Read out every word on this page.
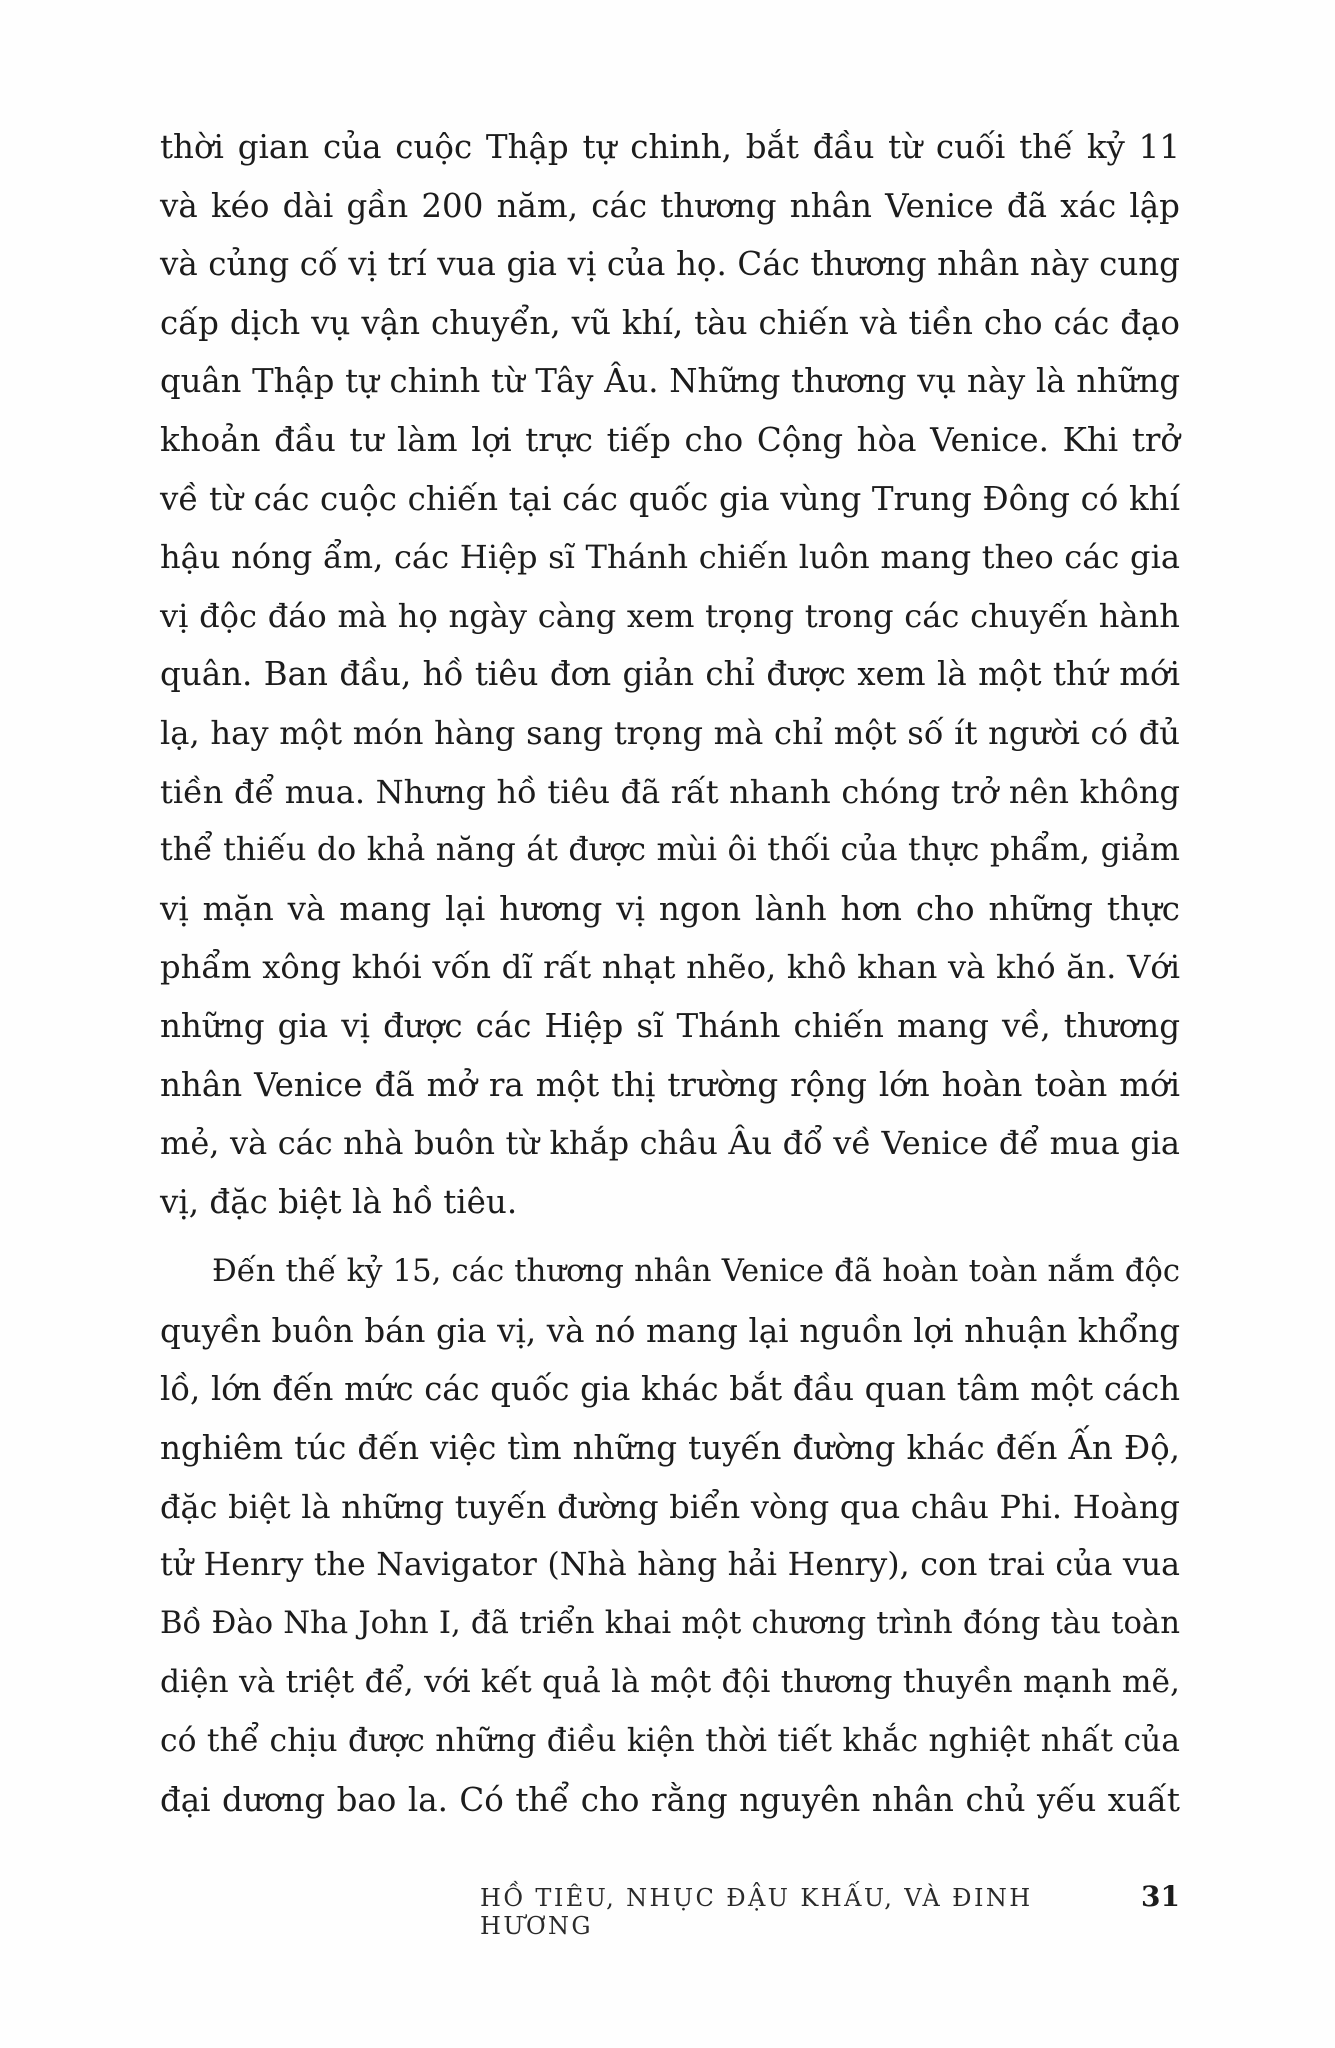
thời gian của cuộc Thập tự chinh, bắt đầu từ cuối thế kỷ 11
và kéo dài gần 200 năm, các thương nhân Venice đã xác lập
và củng cố vị trí vua gia vị của họ. Các thương nhân này cung
cấp dịch vụ vận chuyển, vũ khí, tàu chiến và tiền cho các đạo
quân Thập tự chinh từ Tây Âu. Những thương vụ này là những
khoản đầu tư làm lợi trực tiếp cho Cộng hòa Venice. Khi trở
về từ các cuộc chiến tại các quốc gia vùng Trung Đông có khí
hậu nóng ẩm, các Hiệp sĩ Thánh chiến luôn mang theo các gia
vị độc đáo mà họ ngày càng xem trọng trong các chuyến hành
quân. Ban đầu, hồ tiêu đơn giản chỉ được xem là một thứ mới
lạ, hay một món hàng sang trọng mà chỉ một số ít người có đủ
tiền để mua. Nhưng hồ tiêu đã rất nhanh chóng trở nên không
thể thiếu do khả năng át được mùi ôi thối của thực phẩm, giảm
vị mặn và mang lại hương vị ngon lành hơn cho những thực
phẩm xông khói vốn dĩ rất nhạt nhẽo, khô khan và khó ăn. Với
những gia vị được các Hiệp sĩ Thánh chiến mang về, thương
nhân Venice đã mở ra một thị trường rộng lớn hoàn toàn mới
mẻ, và các nhà buôn từ khắp châu Âu đổ về Venice để mua gia
vị, đặc biệt là hồ tiêu.

Đến thế kỷ 15, các thương nhân Venice đã hoàn toàn nắm độc
quyền buôn bán gia vị, và nó mang lại nguồn lợi nhuận khổng
lồ, lớn đến mức các quốc gia khác bắt đầu quan tâm một cách
nghiêm túc đến việc tìm những tuyến đường khác đến Ấn Độ,
đặc biệt là những tuyến đường biển vòng qua châu Phi. Hoàng
tử Henry the Navigator (Nhà hàng hải Henry), con trai của vua
Bồ Đào Nha John I, đã triển khai một chương trình đóng tàu toàn
diện và triệt để, với kết quả là một đội thương thuyền mạnh mẽ,
có thể chịu được những điều kiện thời tiết khắc nghiệt nhất của
đại dương bao la. Có thể cho rằng nguyên nhân chủ yếu xuất

HỒ TIÊU, NHỤC ĐẬU KHẤU, VÀ ĐINH HƯƠNG
31
